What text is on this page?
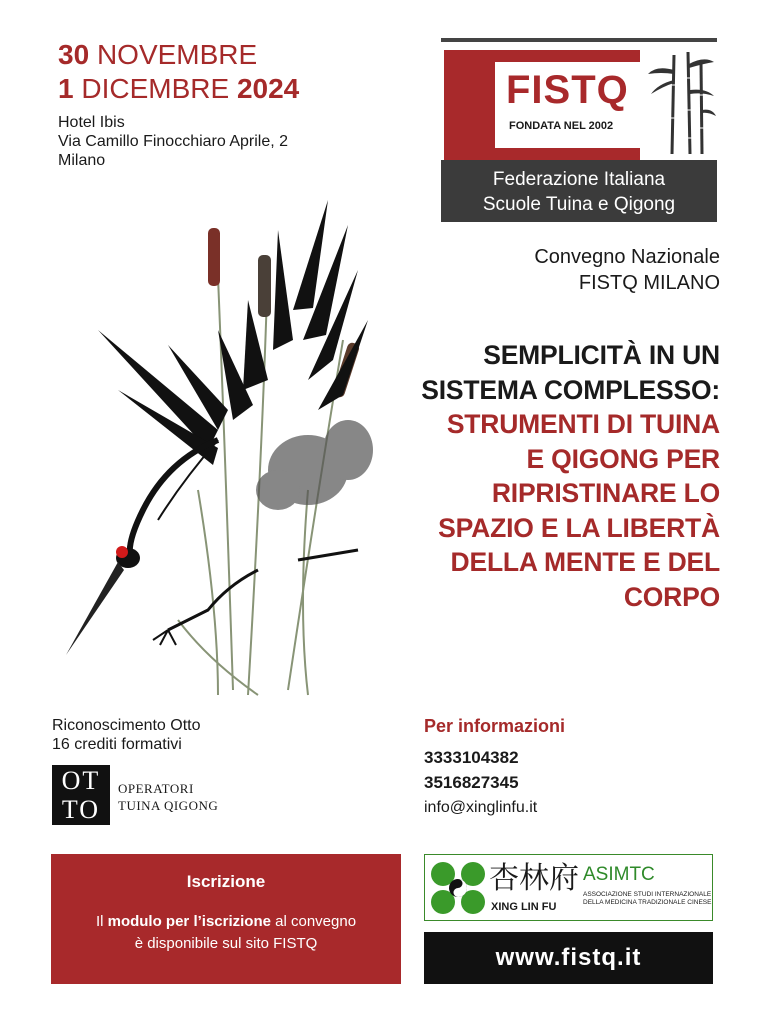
30 NOVEMBRE
1 DICEMBRE 2024
Hotel Ibis
Via Camillo Finocchiaro Aprile, 2
Milano
FISTQ
FONDATA NEL 2002
Federazione Italiana
Scuole Tuina e Qigong
Convegno Nazionale
FISTQ MILANO
SEMPLICITÀ IN UN
SISTEMA COMPLESSO:
STRUMENTI DI TUINA
E QIGONG PER
RIPRISTINARE LO
SPAZIO E LA LIBERTÀ
DELLA MENTE E DEL
CORPO
Riconoscimento Otto
16 crediti formativi
OT
TO
OPERATORI
TUINA QIGONG
Per informazioni
3333104382
3516827345
info@xinglinfu.it
Iscrizione
Il modulo per l’iscrizione al convegno
è disponibile sul sito FISTQ
杏林府
XING LIN FU
ASIMTC
ASSOCIAZIONE STUDI INTERNAZIONALE
DELLA MEDICINA TRADIZIONALE CINESE
www.fistq.it
